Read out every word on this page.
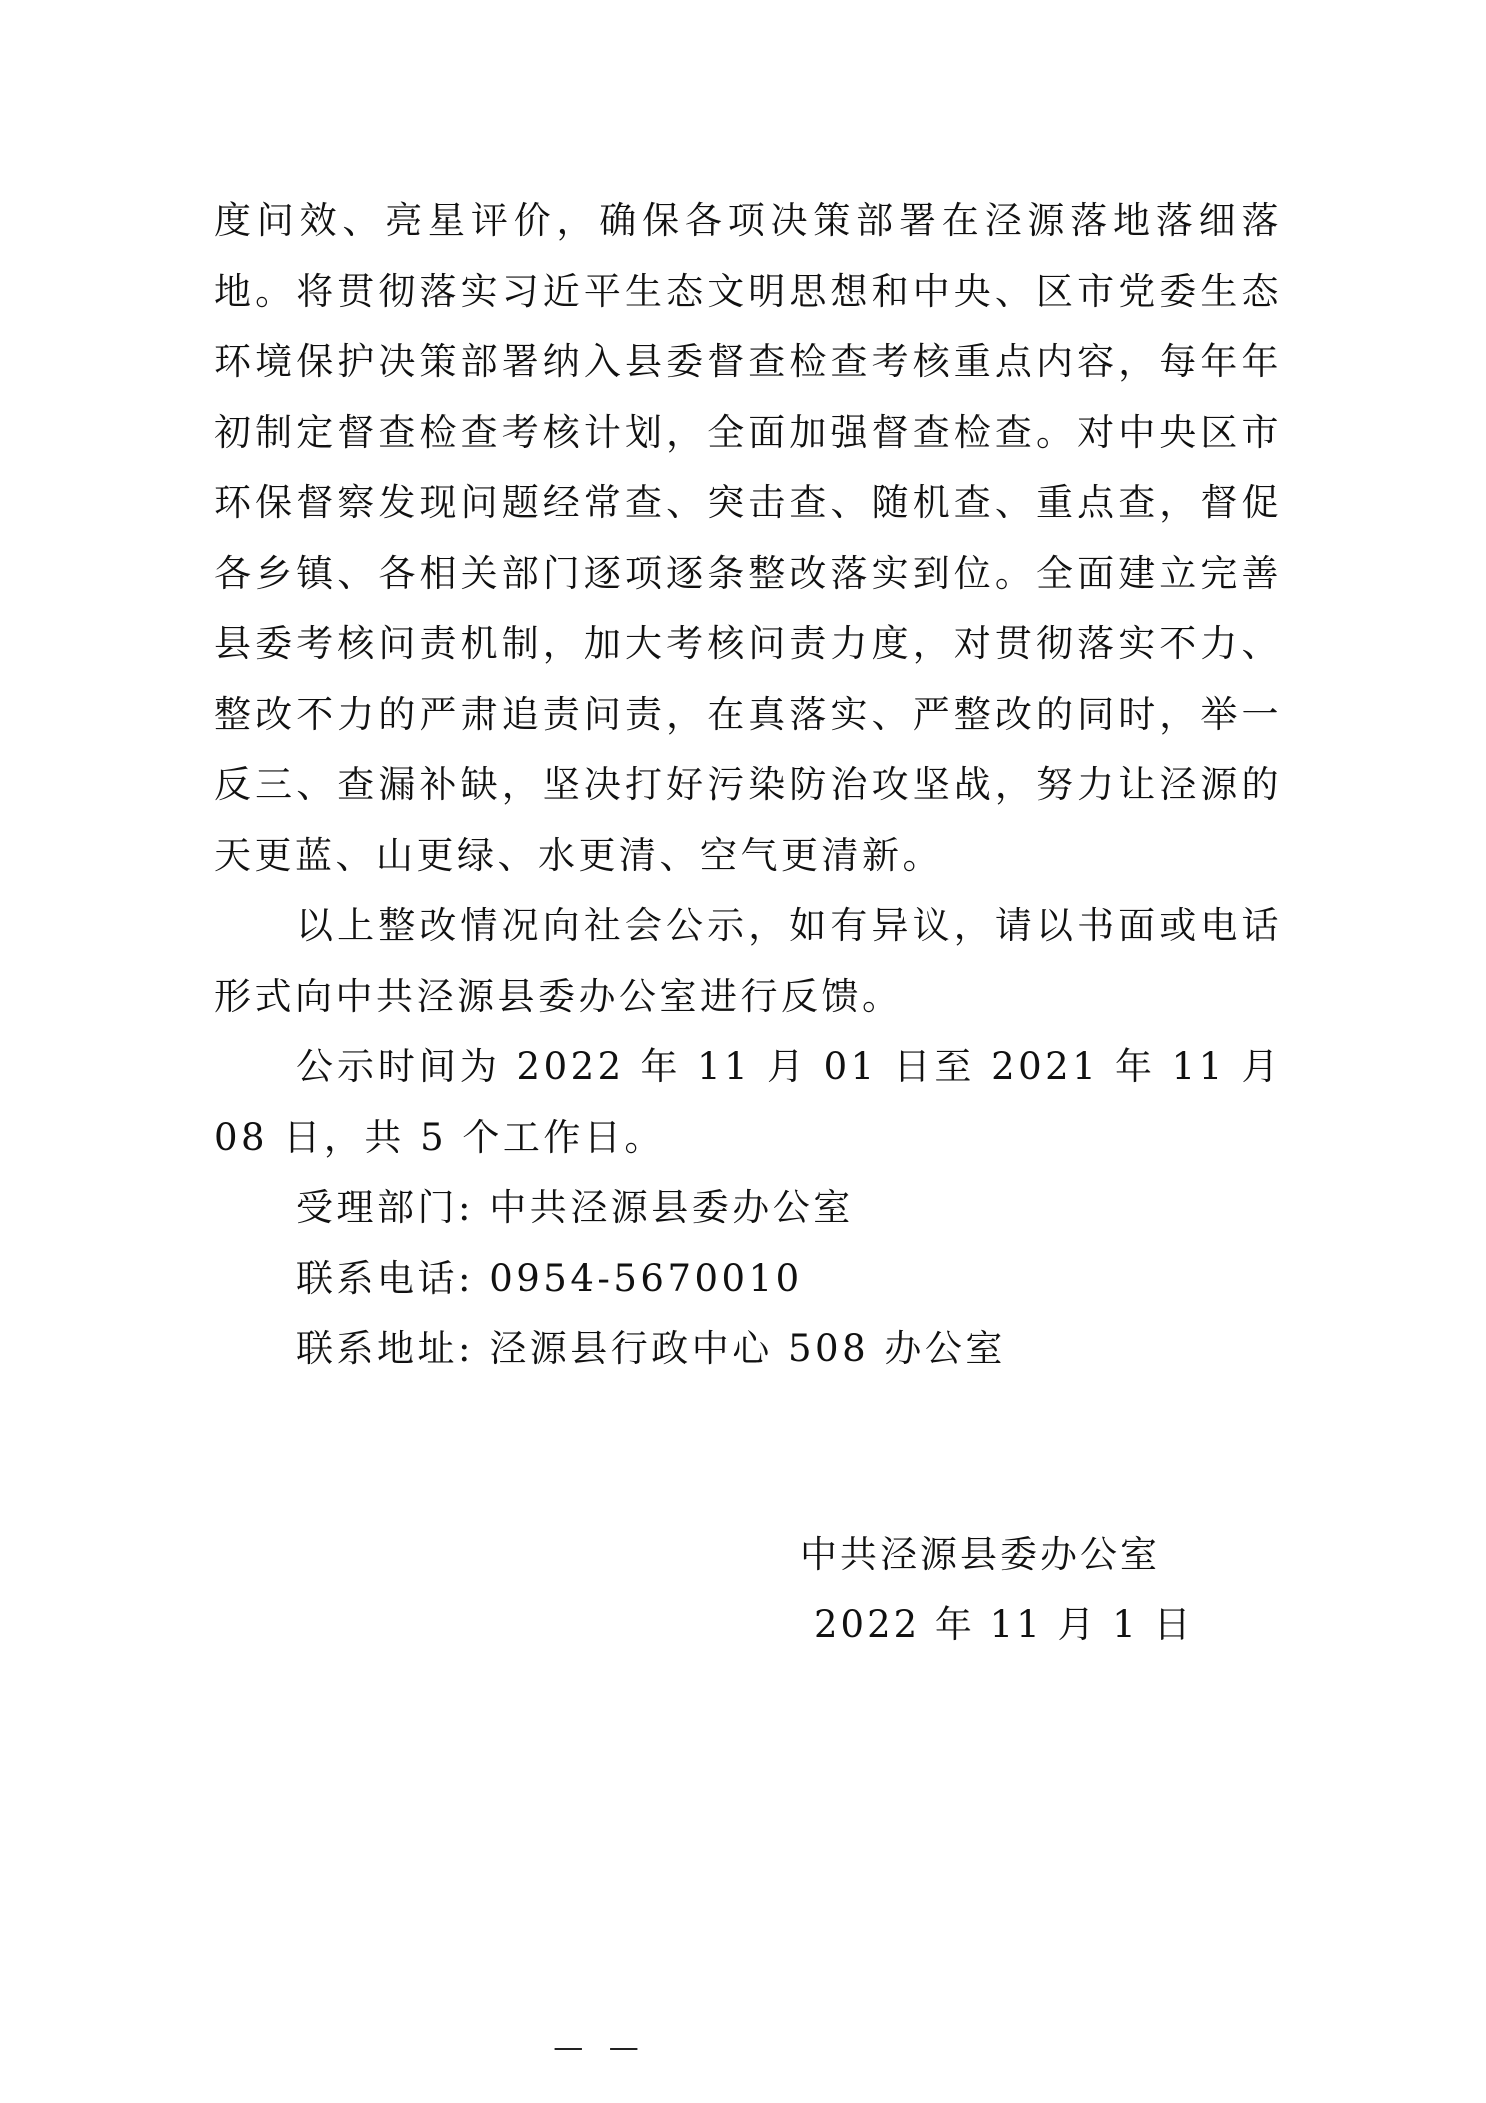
度问效、亮星评价，确保各项决策部署在泾源落地落细落地。将贯彻落实习近平生态文明思想和中央、区市党委生态环境保护决策部署纳入县委督查检查考核重点内容，每年年初制定督查检查考核计划，全面加强督查检查。对中央区市环保督察发现问题经常查、突击查、随机查、重点查，督促各乡镇、各相关部门逐项逐条整改落实到位。全面建立完善县委考核问责机制，加大考核问责力度，对贯彻落实不力、整改不力的严肃追责问责，在真落实、严整改的同时，举一反三、查漏补缺，坚决打好污染防治攻坚战，努力让泾源的天更蓝、山更绿、水更清、空气更清新。

以上整改情况向社会公示，如有异议，请以书面或电话形式向中共泾源县委办公室进行反馈。

公示时间为 2022 年 11 月 01 日至 2021 年 11 月 08 日，共 5 个工作日。

受理部门: 中共泾源县委办公室
联系电话: 0954-5670010
联系地址: 泾源县行政中心 508 办公室
中共泾源县委办公室
2022 年 11 月 1 日
— —
